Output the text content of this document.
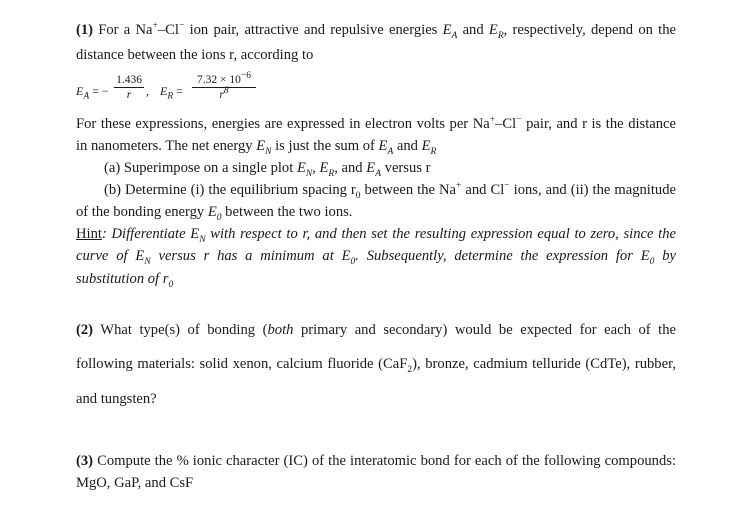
(1) For a Na+–Cl− ion pair, attractive and repulsive energies $E_A$ and $E_R$, respectively, depend on the
distance between the ions r, according to
$E_A$ = − $\frac{1.436}{r}$ , $E_R = \frac{7.32 \times 10^{-6}}{r^8}$
For these expressions, energies are expressed in electron volts per Na+–Cl− pair, and r is the distance
in nanometers. The net energy $E_N$ is just the sum of $E_A$ and $E_R$
(a) Superimpose on a single plot $E_N$, $E_R$, and $E_A$ versus r
(b) Determine (i) the equilibrium spacing $r_0$ between the Na+ and Cl− ions, and (ii) the magnitude
of the bonding energy $E_0$ between the two ions.
Hint: Differentiate $E_N$ with respect to r, and then set the resulting expression equal to zero, since the
curve of $E_N$ versus r has a minimum at $E_0$. Subsequently, determine the expression for $E_0$ by
substitution of $r_0$
(2) What type(s) of bonding (both primary and secondary) would be expected for each of the
following materials: solid xenon, calcium fluoride (CaF$_2$), bronze, cadmium telluride (CdTe), rubber,
and tungsten?
(3) Compute the % ionic character (IC) of the interatomic bond for each of the following compounds:
MgO, GaP, and CsF
